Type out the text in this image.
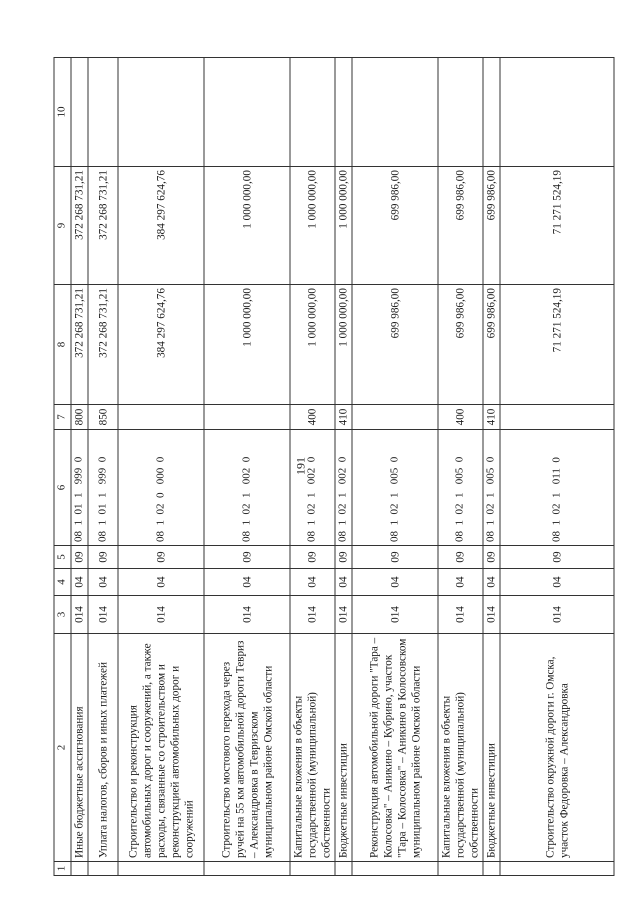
191
1	2	3	4	5	6	7	8	9	10
	Иные бюджетные ассигнования	014	04	09	08  1  01  1   999  0	800	372 268 731,21	372 268 731,21	
	Уплата налогов, сборов и иных платежей	014	04	09	08  1  01  1   999  0	850	372 268 731,21	372 268 731,21	
	Строительство и реконструкция автомобильных дорог и сооружений, а также расходы, связанные со строительством и реконструкцией автомобильных дорог и сооружений	014	04	09	08  1  02  0   000  0		384 297 624,76	384 297 624,76	
	Строительство мостового перехода через ручей на 55 км автомобильной дороги Тевриз – Александровка в Тевризском муниципальном районе Омской области	014	04	09	08  1  02  1   002  0		1 000 000,00	1 000 000,00	
	Капитальные вложения в объекты государственной (муниципальной) собственности	014	04	09	08  1  02  1   002  0	400	1 000 000,00	1 000 000,00	
	Бюджетные инвестиции	014	04	09	08  1  02  1   002  0	410	1 000 000,00	1 000 000,00	
	Реконструкция автомобильной дороги "Тара – Колосовка" – Аникино – Кубрино, участок "Тара – Колосовка" – Аникино в Колосовском муниципальном районе Омской области	014	04	09	08  1  02  1   005  0		699 986,00	699 986,00	
	Капитальные вложения в объекты государственной (муниципальной) собственности	014	04	09	08  1  02  1   005  0	400	699 986,00	699 986,00	
	Бюджетные инвестиции	014	04	09	08  1  02  1   005  0	410	699 986,00	699 986,00	
	Строительство окружной дороги г. Омска, участок Федоровка – Александровка	014	04	09	08  1  02  1   011  0		71 271 524,19	71 271 524,19	
